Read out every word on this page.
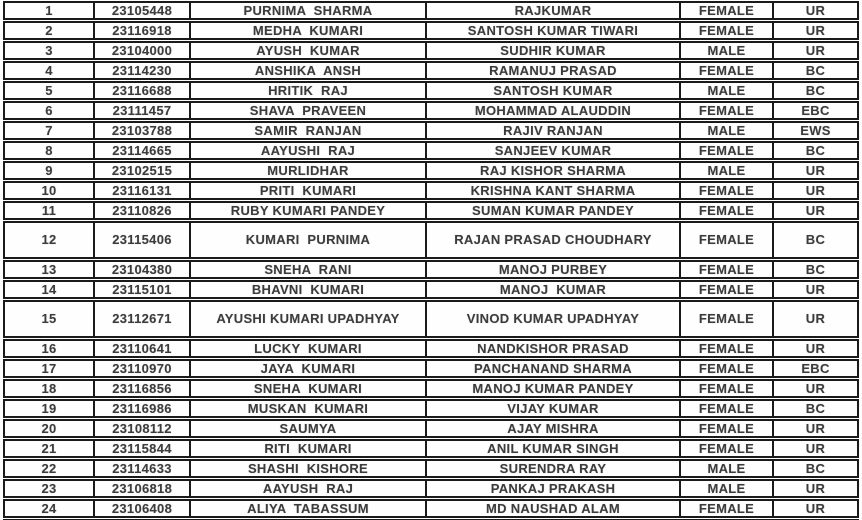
1	23105448	PURNIMA  SHARMA	RAJKUMAR	FEMALE	UR
2	23116918	MEDHA  KUMARI	SANTOSH KUMAR TIWARI	FEMALE	UR
3	23104000	AYUSH  KUMAR	SUDHIR KUMAR	MALE	UR
4	23114230	ANSHIKA  ANSH	RAMANUJ PRASAD	FEMALE	BC
5	23116688	HRITIK  RAJ	SANTOSH KUMAR	MALE	BC
6	23111457	SHAVA  PRAVEEN	MOHAMMAD ALAUDDIN	FEMALE	EBC
7	23103788	SAMIR  RANJAN	RAJIV RANJAN	MALE	EWS
8	23114665	AAYUSHI  RAJ	SANJEEV KUMAR	FEMALE	BC
9	23102515	MURLIDHAR	RAJ KISHOR SHARMA	MALE	UR
10	23116131	PRITI  KUMARI	KRISHNA KANT SHARMA	FEMALE	UR
11	23110826	RUBY KUMARI PANDEY	SUMAN KUMAR PANDEY	FEMALE	UR
12	23115406	KUMARI  PURNIMA	RAJAN PRASAD CHOUDHARY	FEMALE	BC
13	23104380	SNEHA  RANI	MANOJ PURBEY	FEMALE	BC
14	23115101	BHAVNI  KUMARI	MANOJ  KUMAR	FEMALE	UR
15	23112671	AYUSHI KUMARI UPADHYAY	VINOD KUMAR UPADHYAY	FEMALE	UR
16	23110641	LUCKY  KUMARI	NANDKISHOR PRASAD	FEMALE	UR
17	23110970	JAYA  KUMARI	PANCHANAND SHARMA	FEMALE	EBC
18	23116856	SNEHA  KUMARI	MANOJ KUMAR PANDEY	FEMALE	UR
19	23116986	MUSKAN  KUMARI	VIJAY KUMAR	FEMALE	BC
20	23108112	SAUMYA	AJAY MISHRA	FEMALE	UR
21	23115844	RITI  KUMARI	ANIL KUMAR SINGH	FEMALE	UR
22	23114633	SHASHI  KISHORE	SURENDRA RAY	MALE	BC
23	23106818	AAYUSH  RAJ	PANKAJ PRAKASH	MALE	UR
24	23106408	ALIYA  TABASSUM	MD NAUSHAD ALAM	FEMALE	UR
